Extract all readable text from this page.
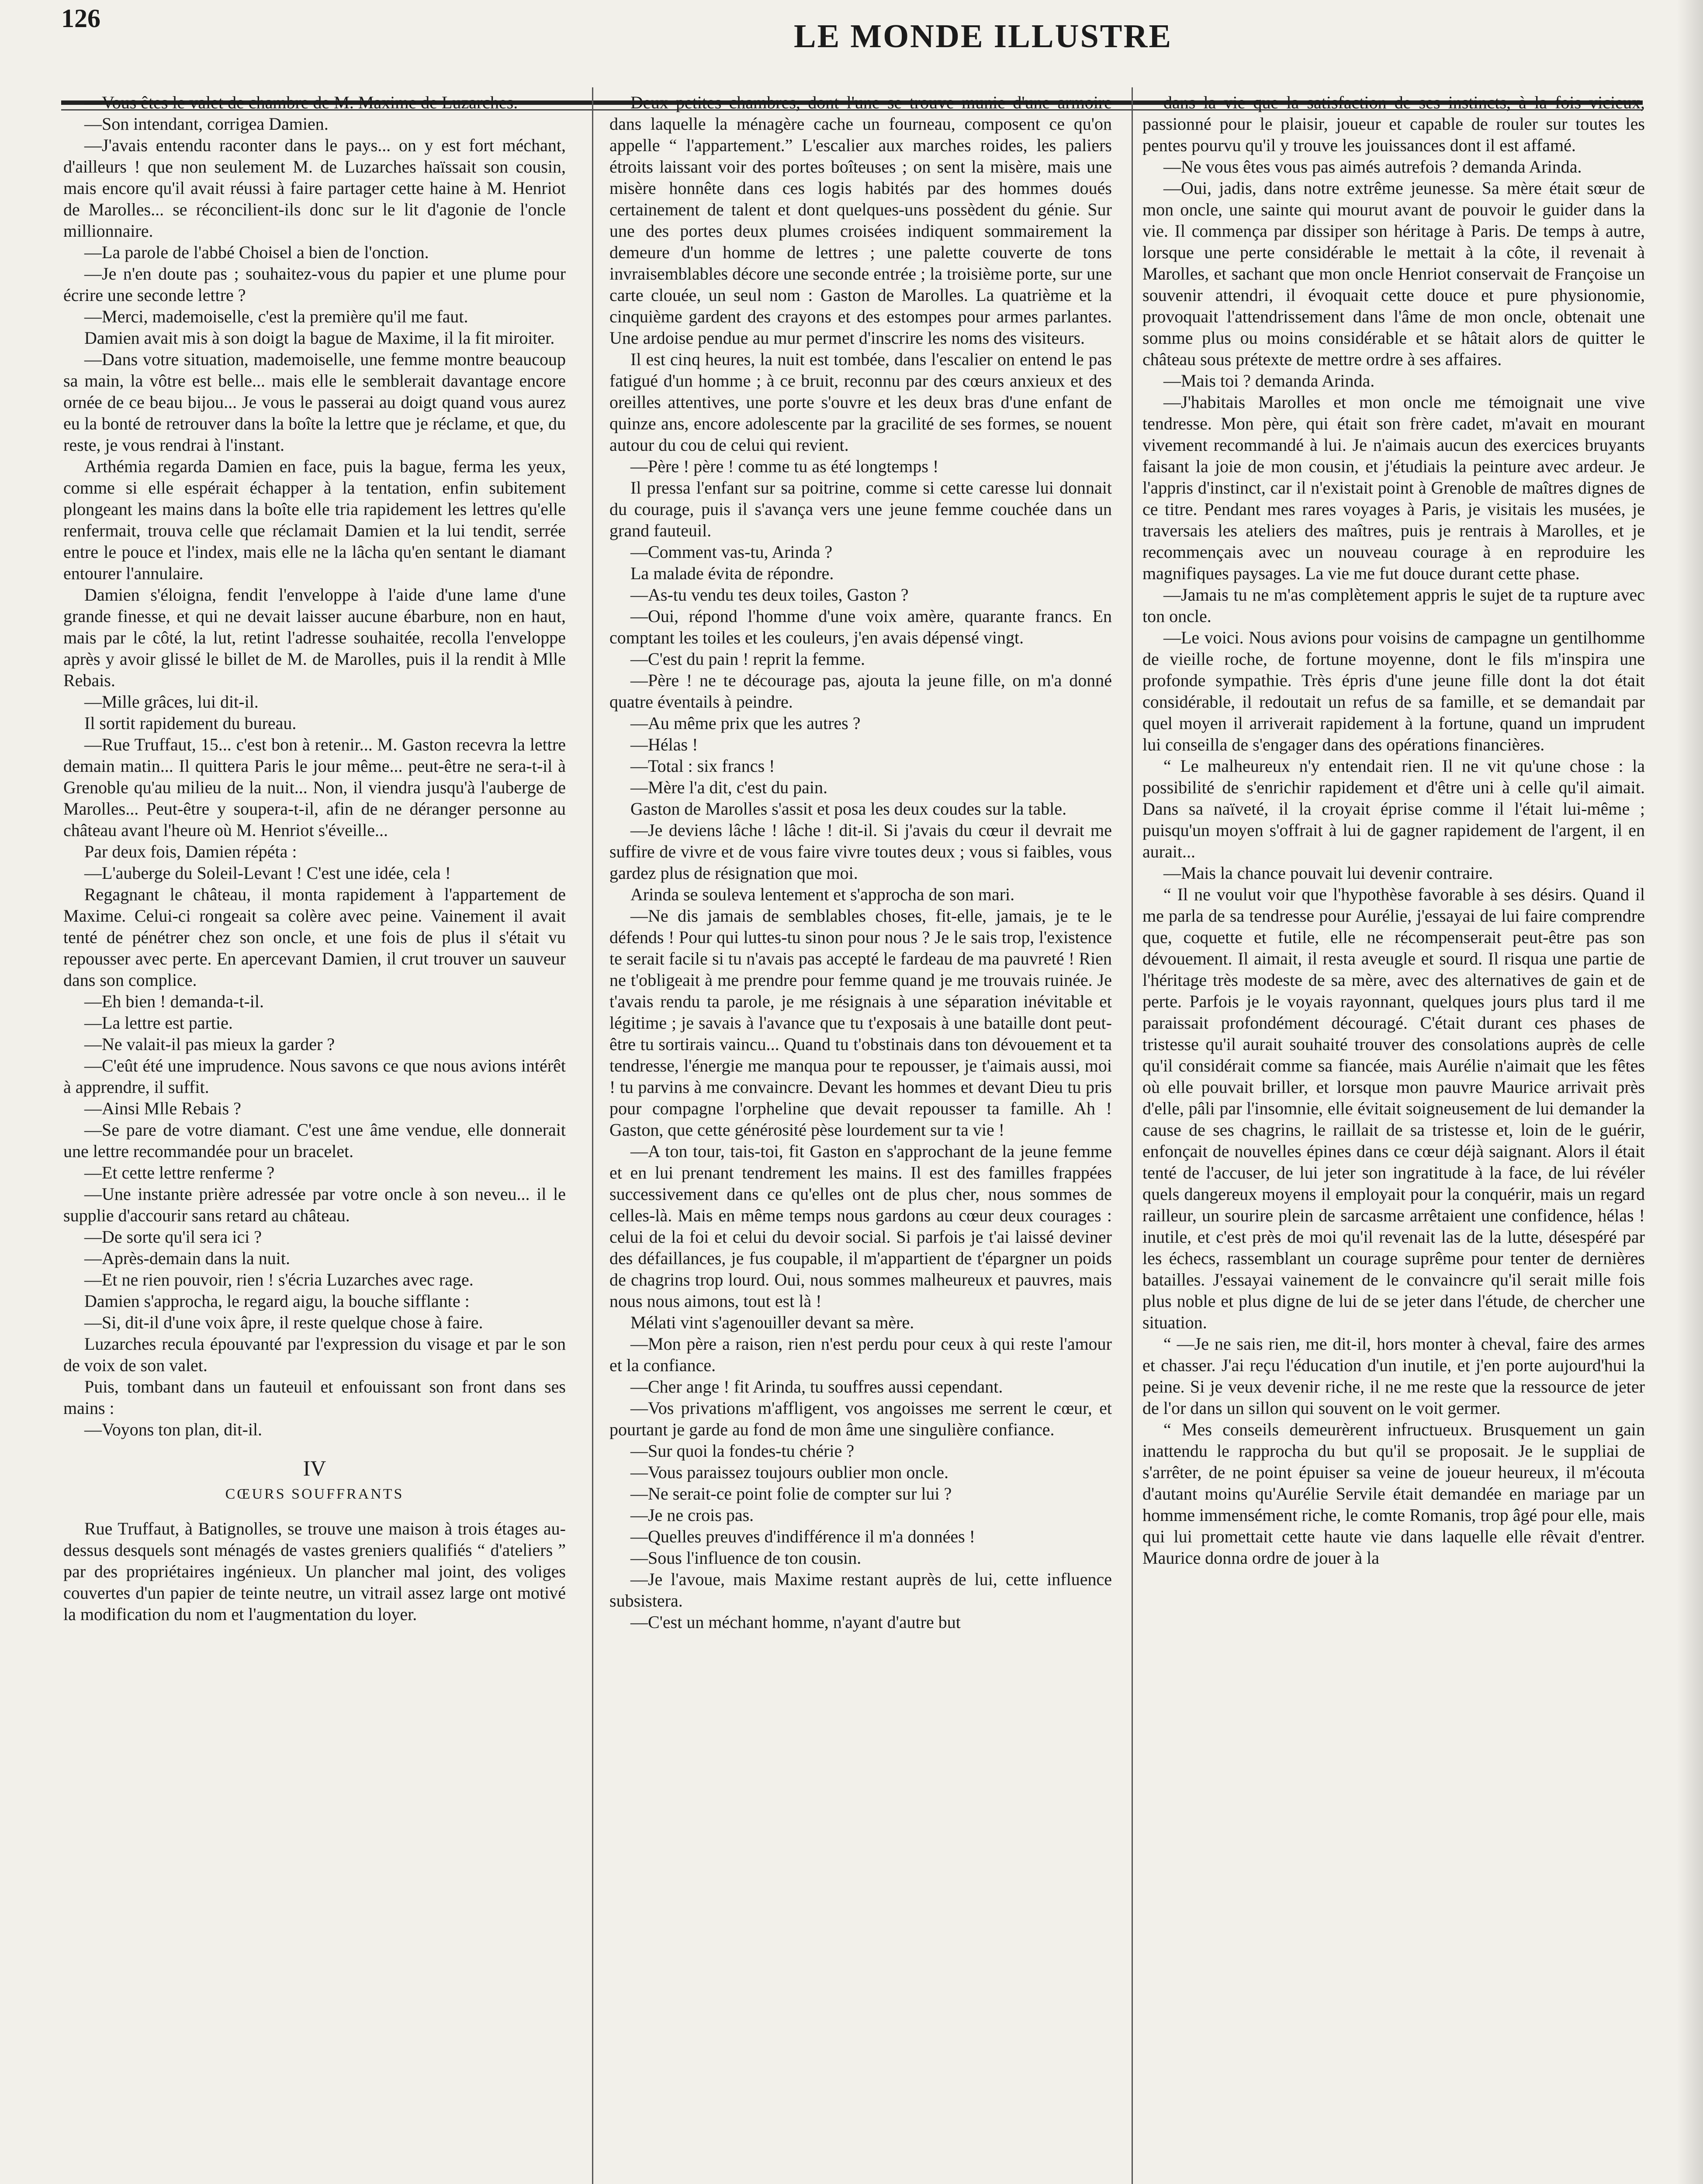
126	LE MONDE ILLUSTRE

—Vous êtes le valet de chambre de M. Maxime de Luzarches.

—Son intendant, corrigea Damien.

—J'avais entendu raconter dans le pays... on y est fort méchant, d'ailleurs ! que non seulement M. de Luzarches haïssait son cousin, mais encore qu'il avait réussi à faire partager cette haine à M. Henriot de Marolles... se réconcilient-ils donc sur le lit d'agonie de l'oncle millionnaire.

—La parole de l'abbé Choisel a bien de l'onction.

—Je n'en doute pas ; souhaitez-vous du papier et une plume pour écrire une seconde lettre ?

—Merci, mademoiselle, c'est la première qu'il me faut.

Damien avait mis à son doigt la bague de Maxime, il la fit miroiter.

—Dans votre situation, mademoiselle, une femme montre beaucoup sa main, la vôtre est belle... mais elle le semblerait davantage encore ornée de ce beau bijou... Je vous le passerai au doigt quand vous aurez eu la bonté de retrouver dans la boîte la lettre que je réclame, et que, du reste, je vous rendrai à l'instant.

Arthémia regarda Damien en face, puis la bague, ferma les yeux, comme si elle espérait échapper à la tentation, enfin subitement plongeant les mains dans la boîte elle tria rapidement les lettres qu'elle renfermait, trouva celle que réclamait Damien et la lui tendit, serrée entre le pouce et l'index, mais elle ne la lâcha qu'en sentant le diamant entourer l'annulaire.

Damien s'éloigna, fendit l'enveloppe à l'aide d'une lame d'une grande finesse, et qui ne devait laisser aucune ébarbure, non en haut, mais par le côté, la lut, retint l'adresse souhaitée, recolla l'enveloppe après y avoir glissé le billet de M. de Marolles, puis il la rendit à Mlle Rebais.

—Mille grâces, lui dit-il.

Il sortit rapidement du bureau.

—Rue Truffaut, 15... c'est bon à retenir... M. Gaston recevra la lettre demain matin... Il quittera Paris le jour même... peut-être ne sera-t-il à Grenoble qu'au milieu de la nuit... Non, il viendra jusqu'à l'auberge de Marolles... Peut-être y soupera-t-il, afin de ne déranger personne au château avant l'heure où M. Henriot s'éveille...

Par deux fois, Damien répéta :

—L'auberge du Soleil-Levant ! C'est une idée, cela !

Regagnant le château, il monta rapidement à l'appartement de Maxime. Celui-ci rongeait sa colère avec peine. Vainement il avait tenté de pénétrer chez son oncle, et une fois de plus il s'était vu repousser avec perte. En apercevant Damien, il crut trouver un sauveur dans son complice.

—Eh bien ! demanda-t-il.

—La lettre est partie.

—Ne valait-il pas mieux la garder ?

—C'eût été une imprudence. Nous savons ce que nous avions intérêt à apprendre, il suffit.

—Ainsi Mlle Rebais ?

—Se pare de votre diamant. C'est une âme vendue, elle donnerait une lettre recommandée pour un bracelet.

—Et cette lettre renferme ?

—Une instante prière adressée par votre oncle à son neveu... il le supplie d'accourir sans retard au château.

—De sorte qu'il sera ici ?

—Après-demain dans la nuit.

—Et ne rien pouvoir, rien ! s'écria Luzarches avec rage.

Damien s'approcha, le regard aigu, la bouche sifflante :

—Si, dit-il d'une voix âpre, il reste quelque chose à faire.

Luzarches recula épouvanté par l'expression du visage et par le son de voix de son valet.

Puis, tombant dans un fauteuil et enfouissant son front dans ses mains :

—Voyons ton plan, dit-il.

IV
CŒURS SOUFFRANTS

Rue Truffaut, à Batignolles, se trouve une maison à trois étages au-dessus desquels sont ménagés de vastes greniers qualifiés “ d'ateliers ” par des propriétaires ingénieux. Un plancher mal joint, des voliges couvertes d'un papier de teinte neutre, un vitrail assez large ont motivé la modification du nom et l'augmentation du loyer.

Deux petites chambres, dont l'une se trouve munie d'une armoire dans laquelle la ménagère cache un fourneau, composent ce qu'on appelle “ l'appartement.” L'escalier aux marches roides, les paliers étroits laissant voir des portes boîteuses ; on sent la misère, mais une misère honnête dans ces logis habités par des hommes doués certainement de talent et dont quelques-uns possèdent du génie. Sur une des portes deux plumes croisées indiquent sommairement la demeure d'un homme de lettres ; une palette couverte de tons invraisemblables décore une seconde entrée ; la troisième porte, sur une carte clouée, un seul nom : Gaston de Marolles. La quatrième et la cinquième gardent des crayons et des estompes pour armes parlantes. Une ardoise pendue au mur permet d'inscrire les noms des visiteurs.

Il est cinq heures, la nuit est tombée, dans l'escalier on entend le pas fatigué d'un homme ; à ce bruit, reconnu par des cœurs anxieux et des oreilles attentives, une porte s'ouvre et les deux bras d'une enfant de quinze ans, encore adolescente par la gracilité de ses formes, se nouent autour du cou de celui qui revient.

—Père ! père ! comme tu as été longtemps !

Il pressa l'enfant sur sa poitrine, comme si cette caresse lui donnait du courage, puis il s'avança vers une jeune femme couchée dans un grand fauteuil.

—Comment vas-tu, Arinda ?

La malade évita de répondre.

—As-tu vendu tes deux toiles, Gaston ?

—Oui, répond l'homme d'une voix amère, quarante francs. En comptant les toiles et les couleurs, j'en avais dépensé vingt.

—C'est du pain ! reprit la femme.

—Père ! ne te décourage pas, ajouta la jeune fille, on m'a donné quatre éventails à peindre.

—Au même prix que les autres ?

—Hélas !

—Total : six francs !

—Mère l'a dit, c'est du pain.

Gaston de Marolles s'assit et posa les deux coudes sur la table.

—Je deviens lâche ! lâche ! dit-il. Si j'avais du cœur il devrait me suffire de vivre et de vous faire vivre toutes deux ; vous si faibles, vous gardez plus de résignation que moi.

Arinda se souleva lentement et s'approcha de son mari.

—Ne dis jamais de semblables choses, fit-elle, jamais, je te le défends ! Pour qui luttes-tu sinon pour nous ? Je le sais trop, l'existence te serait facile si tu n'avais pas accepté le fardeau de ma pauvreté ! Rien ne t'obligeait à me prendre pour femme quand je me trouvais ruinée. Je t'avais rendu ta parole, je me résignais à une séparation inévitable et légitime ; je savais à l'avance que tu t'exposais à une bataille dont peut-être tu sortirais vaincu... Quand tu t'obstinais dans ton dévouement et ta tendresse, l'énergie me manqua pour te repousser, je t'aimais aussi, moi ! tu parvins à me convaincre. Devant les hommes et devant Dieu tu pris pour compagne l'orpheline que devait repousser ta famille. Ah ! Gaston, que cette générosité pèse lourdement sur ta vie !

—A ton tour, tais-toi, fit Gaston en s'approchant de la jeune femme et en lui prenant tendrement les mains. Il est des familles frappées successivement dans ce qu'elles ont de plus cher, nous sommes de celles-là. Mais en même temps nous gardons au cœur deux courages : celui de la foi et celui du devoir social. Si parfois je t'ai laissé deviner des défaillances, je fus coupable, il m'appartient de t'épargner un poids de chagrins trop lourd. Oui, nous sommes malheureux et pauvres, mais nous nous aimons, tout est là !

Mélati vint s'agenouiller devant sa mère.

—Mon père a raison, rien n'est perdu pour ceux à qui reste l'amour et la confiance.

—Cher ange ! fit Arinda, tu souffres aussi cependant.

—Vos privations m'affligent, vos angoisses me serrent le cœur, et pourtant je garde au fond de mon âme une singulière confiance.

—Sur quoi la fondes-tu chérie ?

—Vous paraissez toujours oublier mon oncle.

—Ne serait-ce point folie de compter sur lui ?

—Je ne crois pas.

—Quelles preuves d'indifférence il m'a données !

—Sous l'influence de ton cousin.

—Je l'avoue, mais Maxime restant auprès de lui, cette influence subsistera.

—C'est un méchant homme, n'ayant d'autre but

dans la vie que la satisfaction de ses instincts, à la fois vicieux, passionné pour le plaisir, joueur et capable de rouler sur toutes les pentes pourvu qu'il y trouve les jouissances dont il est affamé.

—Ne vous êtes vous pas aimés autrefois ? demanda Arinda.

—Oui, jadis, dans notre extrême jeunesse. Sa mère était sœur de mon oncle, une sainte qui mourut avant de pouvoir le guider dans la vie. Il commença par dissiper son héritage à Paris. De temps à autre, lorsque une perte considérable le mettait à la côte, il revenait à Marolles, et sachant que mon oncle Henriot conservait de Françoise un souvenir attendri, il évoquait cette douce et pure physionomie, provoquait l'attendrissement dans l'âme de mon oncle, obtenait une somme plus ou moins considérable et se hâtait alors de quitter le château sous prétexte de mettre ordre à ses affaires.

—Mais toi ? demanda Arinda.

—J'habitais Marolles et mon oncle me témoignait une vive tendresse. Mon père, qui était son frère cadet, m'avait en mourant vivement recommandé à lui. Je n'aimais aucun des exercices bruyants faisant la joie de mon cousin, et j'étudiais la peinture avec ardeur. Je l'appris d'instinct, car il n'existait point à Grenoble de maîtres dignes de ce titre. Pendant mes rares voyages à Paris, je visitais les musées, je traversais les ateliers des maîtres, puis je rentrais à Marolles, et je recommençais avec un nouveau courage à en reproduire les magnifiques paysages. La vie me fut douce durant cette phase.

—Jamais tu ne m'as complètement appris le sujet de ta rupture avec ton oncle.

—Le voici. Nous avions pour voisins de campagne un gentilhomme de vieille roche, de fortune moyenne, dont le fils m'inspira une profonde sympathie. Très épris d'une jeune fille dont la dot était considérable, il redoutait un refus de sa famille, et se demandait par quel moyen il arriverait rapidement à la fortune, quand un imprudent lui conseilla de s'engager dans des opérations financières.

“ Le malheureux n'y entendait rien. Il ne vit qu'une chose : la possibilité de s'enrichir rapidement et d'être uni à celle qu'il aimait. Dans sa naïveté, il la croyait éprise comme il l'était lui-même ; puisqu'un moyen s'offrait à lui de gagner rapidement de l'argent, il en aurait...

—Mais la chance pouvait lui devenir contraire.

“ Il ne voulut voir que l'hypothèse favorable à ses désirs. Quand il me parla de sa tendresse pour Aurélie, j'essayai de lui faire comprendre que, coquette et futile, elle ne récompenserait peut-être pas son dévouement. Il aimait, il resta aveugle et sourd. Il risqua une partie de l'héritage très modeste de sa mère, avec des alternatives de gain et de perte. Parfois je le voyais rayonnant, quelques jours plus tard il me paraissait profondément découragé. C'était durant ces phases de tristesse qu'il aurait souhaité trouver des consolations auprès de celle qu'il considérait comme sa fiancée, mais Aurélie n'aimait que les fêtes où elle pouvait briller, et lorsque mon pauvre Maurice arrivait près d'elle, pâli par l'insomnie, elle évitait soigneusement de lui demander la cause de ses chagrins, le raillait de sa tristesse et, loin de le guérir, enfonçait de nouvelles épines dans ce cœur déjà saignant. Alors il était tenté de l'accuser, de lui jeter son ingratitude à la face, de lui révéler quels dangereux moyens il employait pour la conquérir, mais un regard railleur, un sourire plein de sarcasme arrêtaient une confidence, hélas ! inutile, et c'est près de moi qu'il revenait las de la lutte, désespéré par les échecs, rassemblant un courage suprême pour tenter de dernières batailles. J'essayai vainement de le convaincre qu'il serait mille fois plus noble et plus digne de lui de se jeter dans l'étude, de chercher une situation.

“ —Je ne sais rien, me dit-il, hors monter à cheval, faire des armes et chasser. J'ai reçu l'éducation d'un inutile, et j'en porte aujourd'hui la peine. Si je veux devenir riche, il ne me reste que la ressource de jeter de l'or dans un sillon qui souvent on le voit germer.

“ Mes conseils demeurèrent infructueux. Brusquement un gain inattendu le rapprocha du but qu'il se proposait. Je le suppliai de s'arrêter, de ne point épuiser sa veine de joueur heureux, il m'écouta d'autant moins qu'Aurélie Servile était demandée en mariage par un homme immensément riche, le comte Romanis, trop âgé pour elle, mais qui lui promettait cette haute vie dans laquelle elle rêvait d'entrer. Maurice donna ordre de jouer à la
